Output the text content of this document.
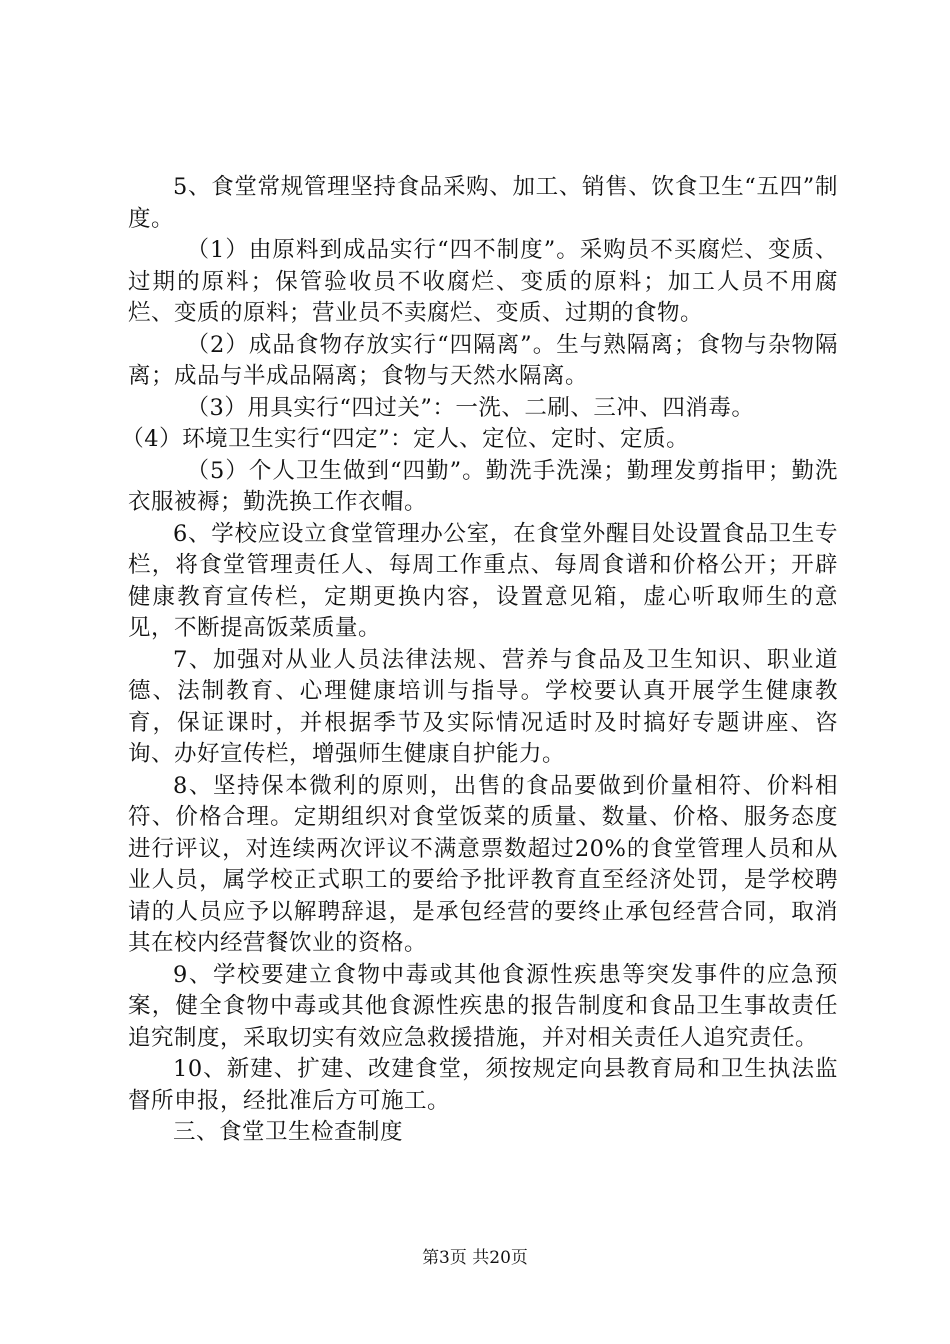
5、食堂常规管理坚持食品采购、加工、销售、饮食卫生“五四”制度。

（1）由原料到成品实行“四不制度”。采购员不买腐烂、变质、过期的原料；保管验收员不收腐烂、变质的原料；加工人员不用腐烂、变质的原料；营业员不卖腐烂、变质、过期的食物。

（2）成品食物存放实行“四隔离”。生与熟隔离；食物与杂物隔离；成品与半成品隔离；食物与天然水隔离。

（3）用具实行“四过关”：一洗、二刷、三冲、四消毒。

（4）环境卫生实行“四定”：定人、定位、定时、定质。

（5）个人卫生做到“四勤”。勤洗手洗澡；勤理发剪指甲；勤洗衣服被褥；勤洗换工作衣帽。

6、学校应设立食堂管理办公室，在食堂外醒目处设置食品卫生专栏，将食堂管理责任人、每周工作重点、每周食谱和价格公开；开辟健康教育宣传栏，定期更换内容，设置意见箱，虚心听取师生的意见，不断提高饭菜质量。

7、加强对从业人员法律法规、营养与食品及卫生知识、职业道德、法制教育、心理健康培训与指导。学校要认真开展学生健康教育，保证课时，并根据季节及实际情况适时及时搞好专题讲座、咨询、办好宣传栏，增强师生健康自护能力。

8、坚持保本微利的原则，出售的食品要做到价量相符、价料相符、价格合理。定期组织对食堂饭菜的质量、数量、价格、服务态度进行评议，对连续两次评议不满意票数超过20%的食堂管理人员和从业人员，属学校正式职工的要给予批评教育直至经济处罚，是学校聘请的人员应予以解聘辞退，是承包经营的要终止承包经营合同，取消其在校内经营餐饮业的资格。

9、学校要建立食物中毒或其他食源性疾患等突发事件的应急预案，健全食物中毒或其他食源性疾患的报告制度和食品卫生事故责任追究制度，采取切实有效应急救援措施，并对相关责任人追究责任。

10、新建、扩建、改建食堂，须按规定向县教育局和卫生执法监督所申报，经批准后方可施工。

三、食堂卫生检查制度

第3页 共20页
